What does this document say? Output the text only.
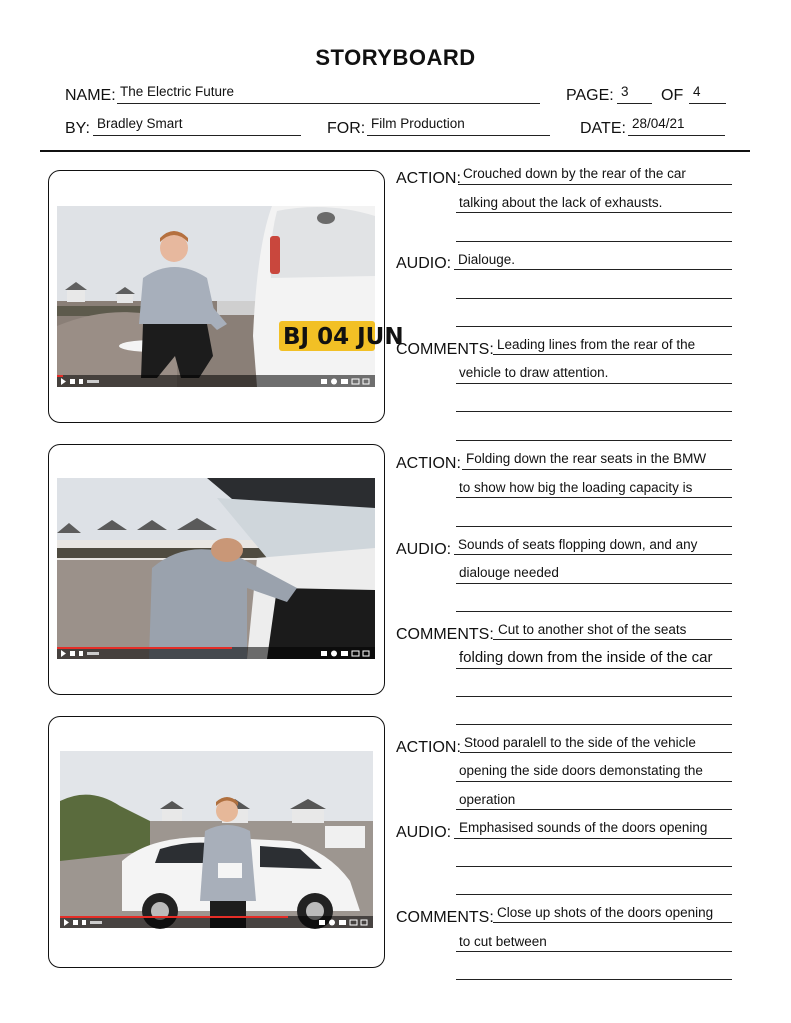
STORYBOARD
NAME: The Electric Future	PAGE: 3 OF 4
BY: Bradley Smart	FOR: Film Production	DATE: 28/04/21
BJ 04 JUN
ACTION: Crouched down by the rear of the car
talking about the lack of exhausts.
AUDIO: Dialouge.
COMMENTS: Leading lines from the rear of the
vehicle to draw attention.
ACTION: Folding down the rear seats in the BMW
to show how big the loading capacity is
AUDIO: Sounds of seats flopping down, and any
dialouge needed
COMMENTS: Cut to another shot of the seats
folding down from the inside of the car
ACTION: Stood paralell to the side of the vehicle
opening the side doors demonstating the
operation
AUDIO: Emphasised sounds of the doors opening
COMMENTS: Close up shots of the doors opening
to cut between
